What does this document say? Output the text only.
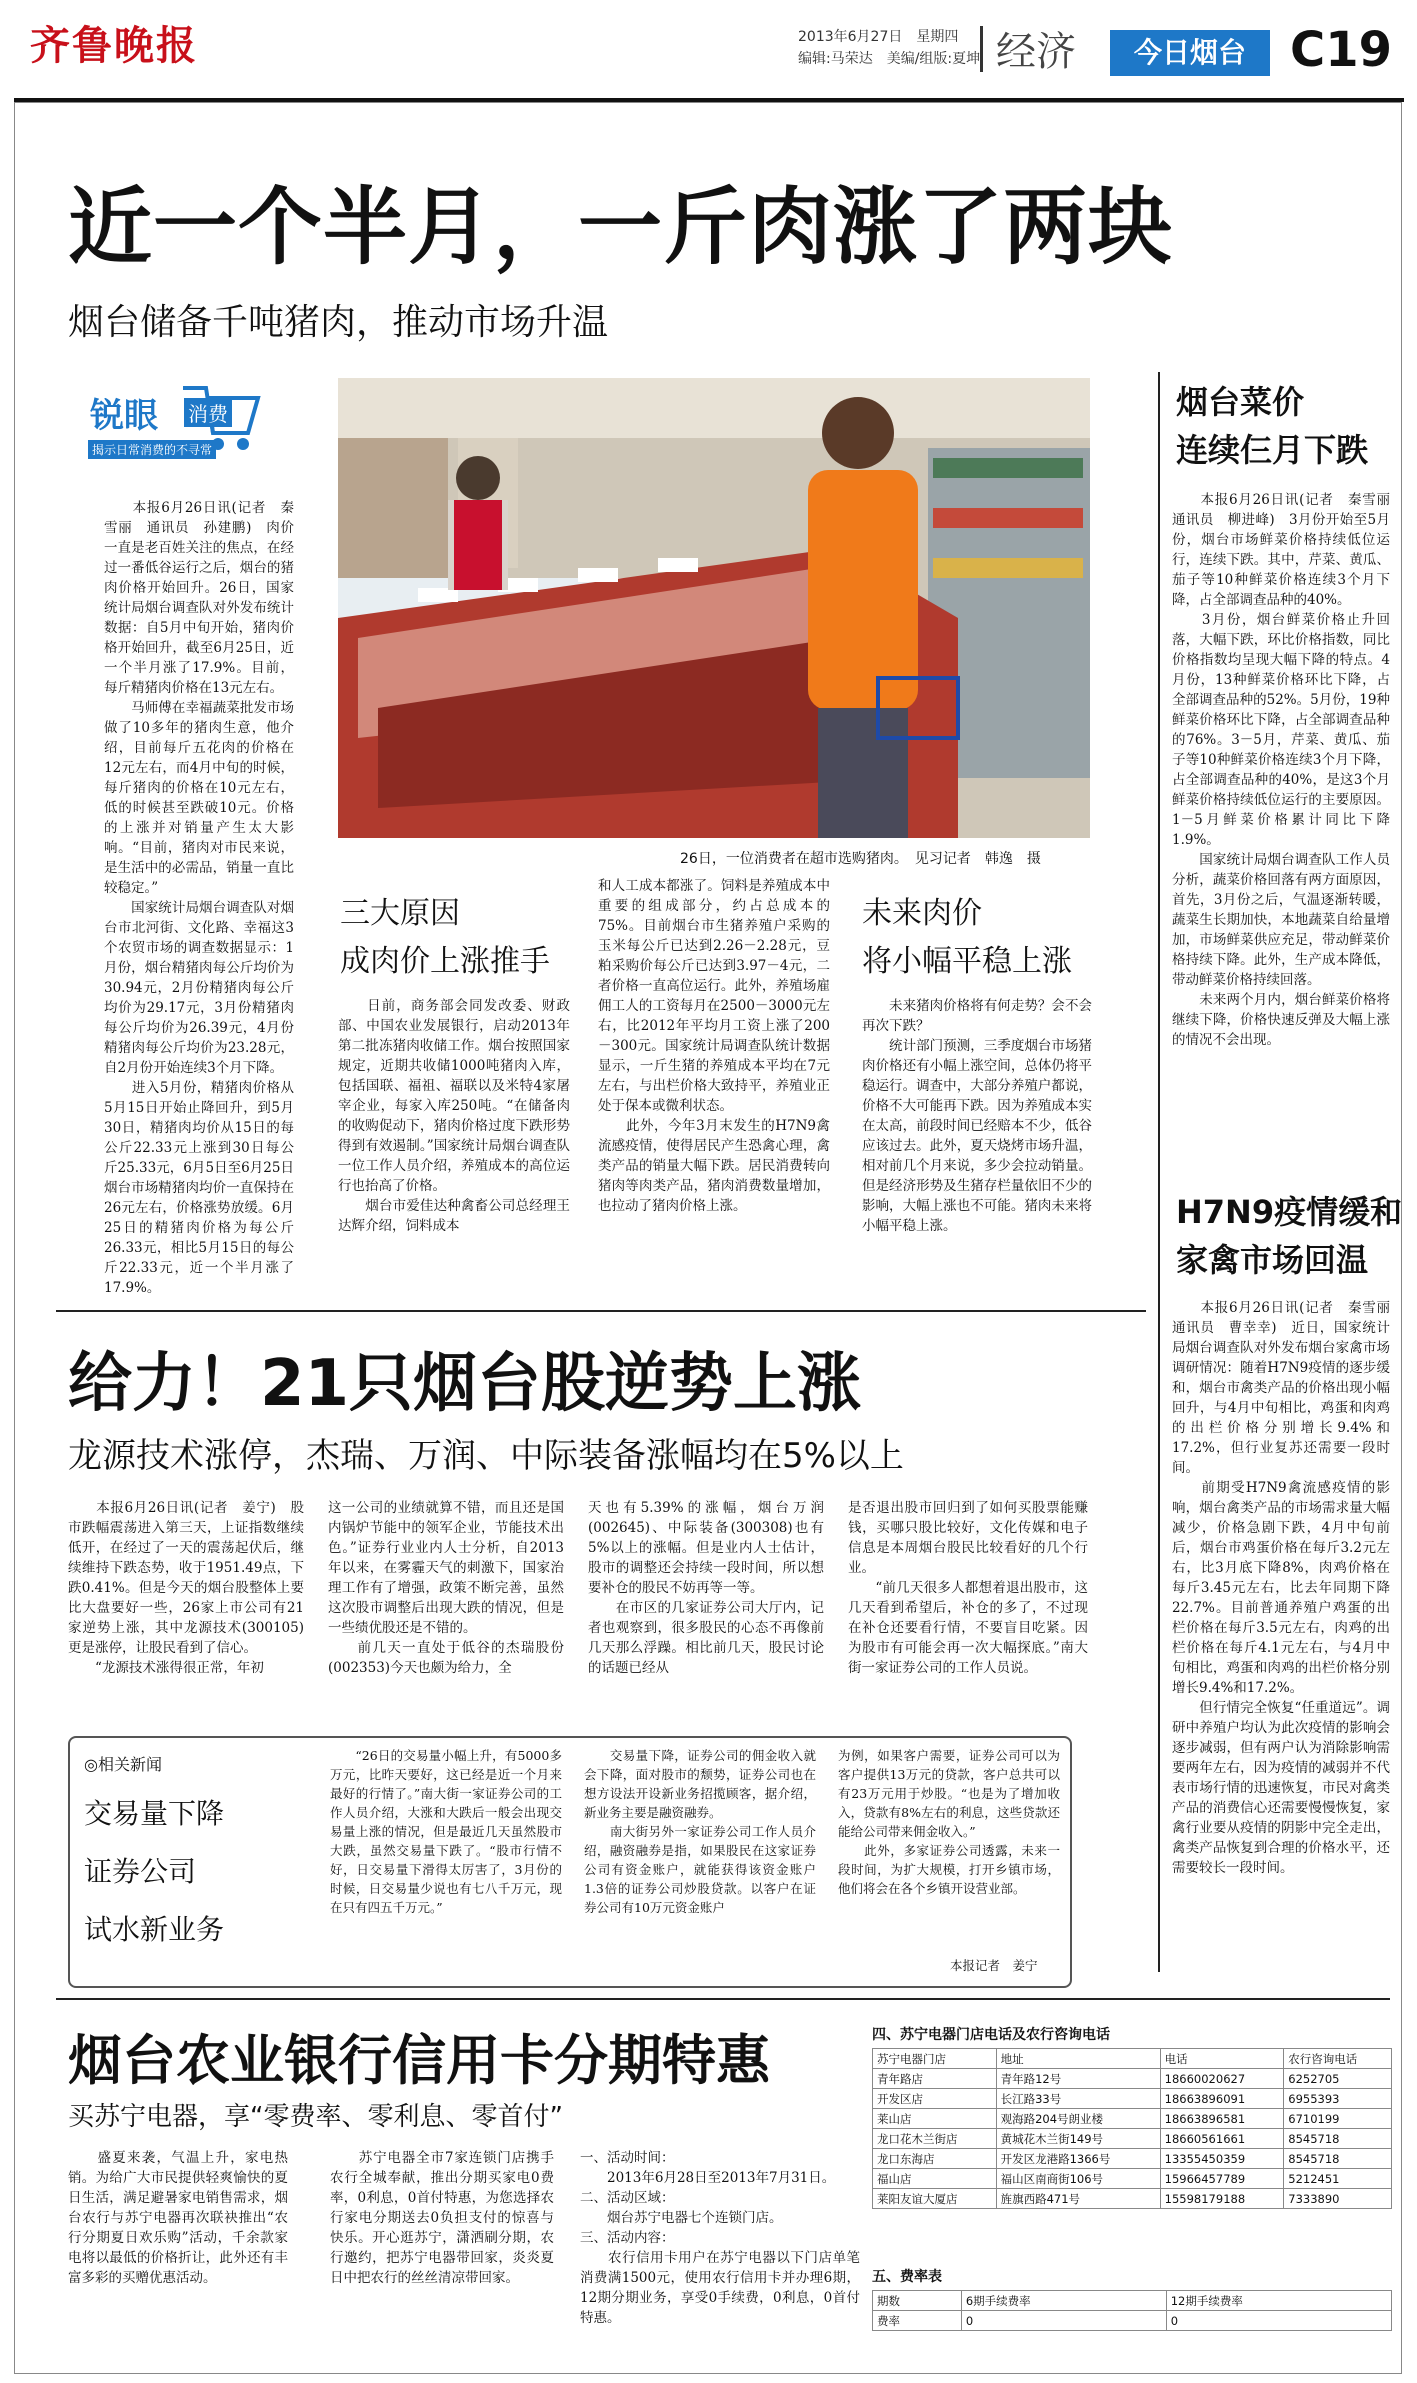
齐鲁晚报	2013年6月27日　星期四
编辑:马荣达　美编/组版:夏坤 经济	今日烟台 C19
近一个半月，一斤肉涨了两块
烟台储备千吨猪肉，推动市场升温
锐眼 消费
揭示日常消费的不寻常
26日，一位消费者在超市选购猪肉。　见习记者　韩逸　摄
　　本报6月26日讯(记者　秦雪丽　通讯员　孙建鹏)　肉价一直是老百姓关注的焦点，在经过一番低谷运行之后，烟台的猪肉价格开始回升。26日，国家统计局烟台调查队对外发布统计数据：自5月中旬开始，猪肉价格开始回升，截至6月25日，近一个半月涨了17.9%。目前，每斤精猪肉价格在13元左右。
　　马师傅在幸福蔬菜批发市场做了10多年的猪肉生意，他介绍，目前每斤五花肉的价格在12元左右，而4月中旬的时候，每斤猪肉的价格在10元左右，低的时候甚至跌破10元。价格的上涨并对销量产生太大影响。“目前，猪肉对市民来说，是生活中的必需品，销量一直比较稳定。”
　　国家统计局烟台调查队对烟台市北河街、文化路、幸福这3个农贸市场的调查数据显示：1月份，烟台精猪肉每公斤均价为30.94元，2月份精猪肉每公斤均价为29.17元，3月份精猪肉每公斤均价为26.39元，4月份精猪肉每公斤均价为23.28元，自2月份开始连续3个月下降。
　　进入5月份，精猪肉价格从5月15日开始止降回升，到5月30日，精猪肉均价从15日的每公斤22.33元上涨到30日每公斤25.33元，6月5日至6月25日烟台市场精猪肉均价一直保持在26元左右，价格涨势放缓。6月25日的精猪肉价格为每公斤26.33元，相比5月15日的每公斤22.33元，近一个半月涨了17.9%。
三大原因
成肉价上涨推手
　　日前，商务部会同发改委、财政部、中国农业发展银行，启动2013年第二批冻猪肉收储工作。烟台按照国家规定，近期共收储1000吨猪肉入库，包括国联、福祖、福联以及米特4家屠宰企业，每家入库250吨。“在储备肉的收购促动下，猪肉价格过度下跌形势得到有效遏制。”国家统计局烟台调查队一位工作人员介绍，养殖成本的高位运行也抬高了价格。
　　烟台市爱佳达种禽畜公司总经理王达辉介绍，饲料成本
和人工成本都涨了。饲料是养殖成本中重要的组成部分，约占总成本的75%。目前烟台市生猪养殖户采购的玉米每公斤已达到2.26－2.28元，豆粕采购价每公斤已达到3.97－4元，二者价格一直高位运行。此外，养殖场雇佣工人的工资每月在2500－3000元左右，比2012年平均月工资上涨了200－300元。国家统计局调查队统计数据显示，一斤生猪的养殖成本平均在7元左右，与出栏价格大致持平，养殖业正处于保本或微利状态。
　　此外，今年3月末发生的H7N9禽流感疫情，使得居民产生恐禽心理，禽类产品的销量大幅下跌。居民消费转向猪肉等肉类产品，猪肉消费数量增加，也拉动了猪肉价格上涨。
未来肉价
将小幅平稳上涨
　　未来猪肉价格将有何走势？会不会再次下跌？
　　统计部门预测，三季度烟台市场猪肉价格还有小幅上涨空间，总体仍将平稳运行。调查中，大部分养殖户都说，价格不大可能再下跌。因为养殖成本实在太高，前段时间已经赔本不少，低谷应该过去。此外，夏天烧烤市场升温，相对前几个月来说，多少会拉动销量。但是经济形势及生猪存栏量依旧不少的影响，大幅上涨也不可能。猪肉未来将小幅平稳上涨。
烟台菜价
连续仨月下跌
　　本报6月26日讯(记者　秦雪丽　通讯员　柳进峰)　3月份开始至5月份，烟台市场鲜菜价格持续低位运行，连续下跌。其中，芹菜、黄瓜、茄子等10种鲜菜价格连续3个月下降，占全部调查品种的40%。
　　3月份，烟台鲜菜价格止升回落，大幅下跌，环比价格指数，同比价格指数均呈现大幅下降的特点。4月份，13种鲜菜价格环比下降，占全部调查品种的52%。5月份，19种鲜菜价格环比下降，占全部调查品种的76%。3－5月，芹菜、黄瓜、茄子等10种鲜菜价格连续3个月下降，占全部调查品种的40%，是这3个月鲜菜价格持续低位运行的主要原因。1－5月鲜菜价格累计同比下降1.9%。
　　国家统计局烟台调查队工作人员分析，蔬菜价格回落有两方面原因，首先，3月份之后，气温逐渐转暖，蔬菜生长期加快，本地蔬菜自给量增加，市场鲜菜供应充足，带动鲜菜价格持续下降。此外，生产成本降低，带动鲜菜价格持续回落。
　　未来两个月内，烟台鲜菜价格将继续下降，价格快速反弹及大幅上涨的情况不会出现。
H7N9疫情缓和
家禽市场回温
　　本报6月26日讯(记者　秦雪丽　通讯员　曹幸幸)　近日，国家统计局烟台调查队对外发布烟台家禽市场调研情况：随着H7N9疫情的逐步缓和，烟台市禽类产品的价格出现小幅回升，与4月中旬相比，鸡蛋和肉鸡的出栏价格分别增长9.4%和17.2%，但行业复苏还需要一段时间。
　　前期受H7N9禽流感疫情的影响，烟台禽类产品的市场需求量大幅减少，价格急剧下跌，4月中旬前后，烟台市鸡蛋价格在每斤3.2元左右，比3月底下降8%，肉鸡价格在每斤3.45元左右，比去年同期下降22.7%。目前普通养殖户鸡蛋的出栏价格在每斤3.5元左右，肉鸡的出栏价格在每斤4.1元左右，与4月中旬相比，鸡蛋和肉鸡的出栏价格分别增长9.4%和17.2%。
　　但行情完全恢复“任重道远”。调研中养殖户均认为此次疫情的影响会逐步减弱，但有两户认为消除影响需要两年左右，因为疫情的减弱并不代表市场行情的迅速恢复，市民对禽类产品的消费信心还需要慢慢恢复，家禽行业要从疫情的阴影中完全走出，禽类产品恢复到合理的价格水平，还需要较长一段时间。
给力！21只烟台股逆势上涨
龙源技术涨停，杰瑞、万润、中际装备涨幅均在5%以上
　　本报6月26日讯(记者　姜宁)　股市跌幅震荡进入第三天，上证指数继续低开，在经过了一天的震荡起伏后，继续维持下跌态势，收于1951.49点，下跌0.41%。但是今天的烟台股整体上要比大盘要好一些，26家上市公司有21家逆势上涨，其中龙源技术(300105)更是涨停，让股民看到了信心。
　　“龙源技术涨得很正常，年初
这一公司的业绩就算不错，而且还是国内锅炉节能中的领军企业，节能技术出色。”证券行业业内人士分析，自2013年以来，在雾霾天气的刺激下，国家治理工作有了增强，政策不断完善，虽然这次股市调整后出现大跌的情况，但是一些绩优股还是不错的。
　　前几天一直处于低谷的杰瑞股份(002353)今天也颇为给力，全
天也有5.39%的涨幅，烟台万润(002645)、中际装备(300308)也有5%以上的涨幅。但是业内人士估计，股市的调整还会持续一段时间，所以想要补仓的股民不妨再等一等。
　　在市区的几家证券公司大厅内，记者也观察到，很多股民的心态不再像前几天那么浮躁。相比前几天，股民讨论的话题已经从
是否退出股市回归到了如何买股票能赚钱，买哪只股比较好，文化传媒和电子信息是本周烟台股民比较看好的几个行业。
　　“前几天很多人都想着退出股市，这几天看到希望后，补仓的多了，不过现在补仓还要看行情，不要盲目吃紧。因为股市有可能会再一次大幅探底。”南大街一家证券公司的工作人员说。
◎相关新闻
交易量下降
证券公司
试水新业务
　　“26日的交易量小幅上升，有5000多万元，比昨天要好，这已经是近一个月来最好的行情了。”南大街一家证券公司的工作人员介绍，大涨和大跌后一般会出现交易量上涨的情况，但是最近几天虽然股市大跌，虽然交易量下跌了。“股市行情不好，日交易量下滑得太厉害了，3月份的时候，日交易量少说也有七八千万元，现在只有四五千万元。”
　　交易量下降，证券公司的佣金收入就会下降，面对股市的颓势，证券公司也在想方设法开设新业务招揽顾客，据介绍，新业务主要是融资融券。
　　南大街另外一家证券公司工作人员介绍，融资融券是指，如果股民在这家证券公司有资金账户，就能获得该资金账户1.3倍的证券公司炒股贷款。以客户在证券公司有10万元资金账户
为例，如果客户需要，证券公司可以为客户提供13万元的贷款，客户总共可以有23万元用于炒股。“也是为了增加收入，贷款有8%左右的利息，这些贷款还能给公司带来佣金收入。”
　　此外，多家证券公司透露，未来一段时间，为扩大规模，打开乡镇市场，他们将会在各个乡镇开设营业部。
本报记者　姜宁
烟台农业银行信用卡分期特惠
买苏宁电器，享“零费率、零利息、零首付”
　　盛夏来袭，气温上升，家电热销。为给广大市民提供轻爽愉快的夏日生活，满足避暑家电销售需求，烟台农行与苏宁电器再次联袂推出“农行分期夏日欢乐购”活动，千余款家电将以最低的价格折让，此外还有丰富多彩的买赠优惠活动。
　　苏宁电器全市7家连锁门店携手农行全城奉献，推出分期买家电0费率，0利息，0首付特惠，为您选择农行家电分期送去0负担支付的惊喜与快乐。开心逛苏宁，潇洒刷分期，农行邀约，把苏宁电器带回家，炎炎夏日中把农行的丝丝清凉带回家。
一、活动时间：
　　2013年6月28日至2013年7月31日。
二、活动区域：
　　烟台苏宁电器七个连锁门店。
三、活动内容：
　　农行信用卡用户在苏宁电器以下门店单笔消费满1500元，使用农行信用卡并办理6期，12期分期业务，享受0手续费，0利息，0首付特惠。
四、苏宁电器门店电话及农行咨询电话
苏宁电器门店	地址	电话	农行咨询电话
青年路店	青年路12号	18660020627	6252705
开发区店	长江路33号	18663896091	6955393
莱山店	观海路204号朗业楼	18663896581	6710199
龙口花木兰街店	黄城花木兰街149号	18660561661	8545718
龙口东海店	开发区龙港路1366号	13355450359	8545718
福山店	福山区南商街106号	15966457789	5212451
莱阳友谊大厦店	旌旗西路471号	15598179188	7333890
五、费率表
期数	6期手续费率	12期手续费率
费率	0	0
